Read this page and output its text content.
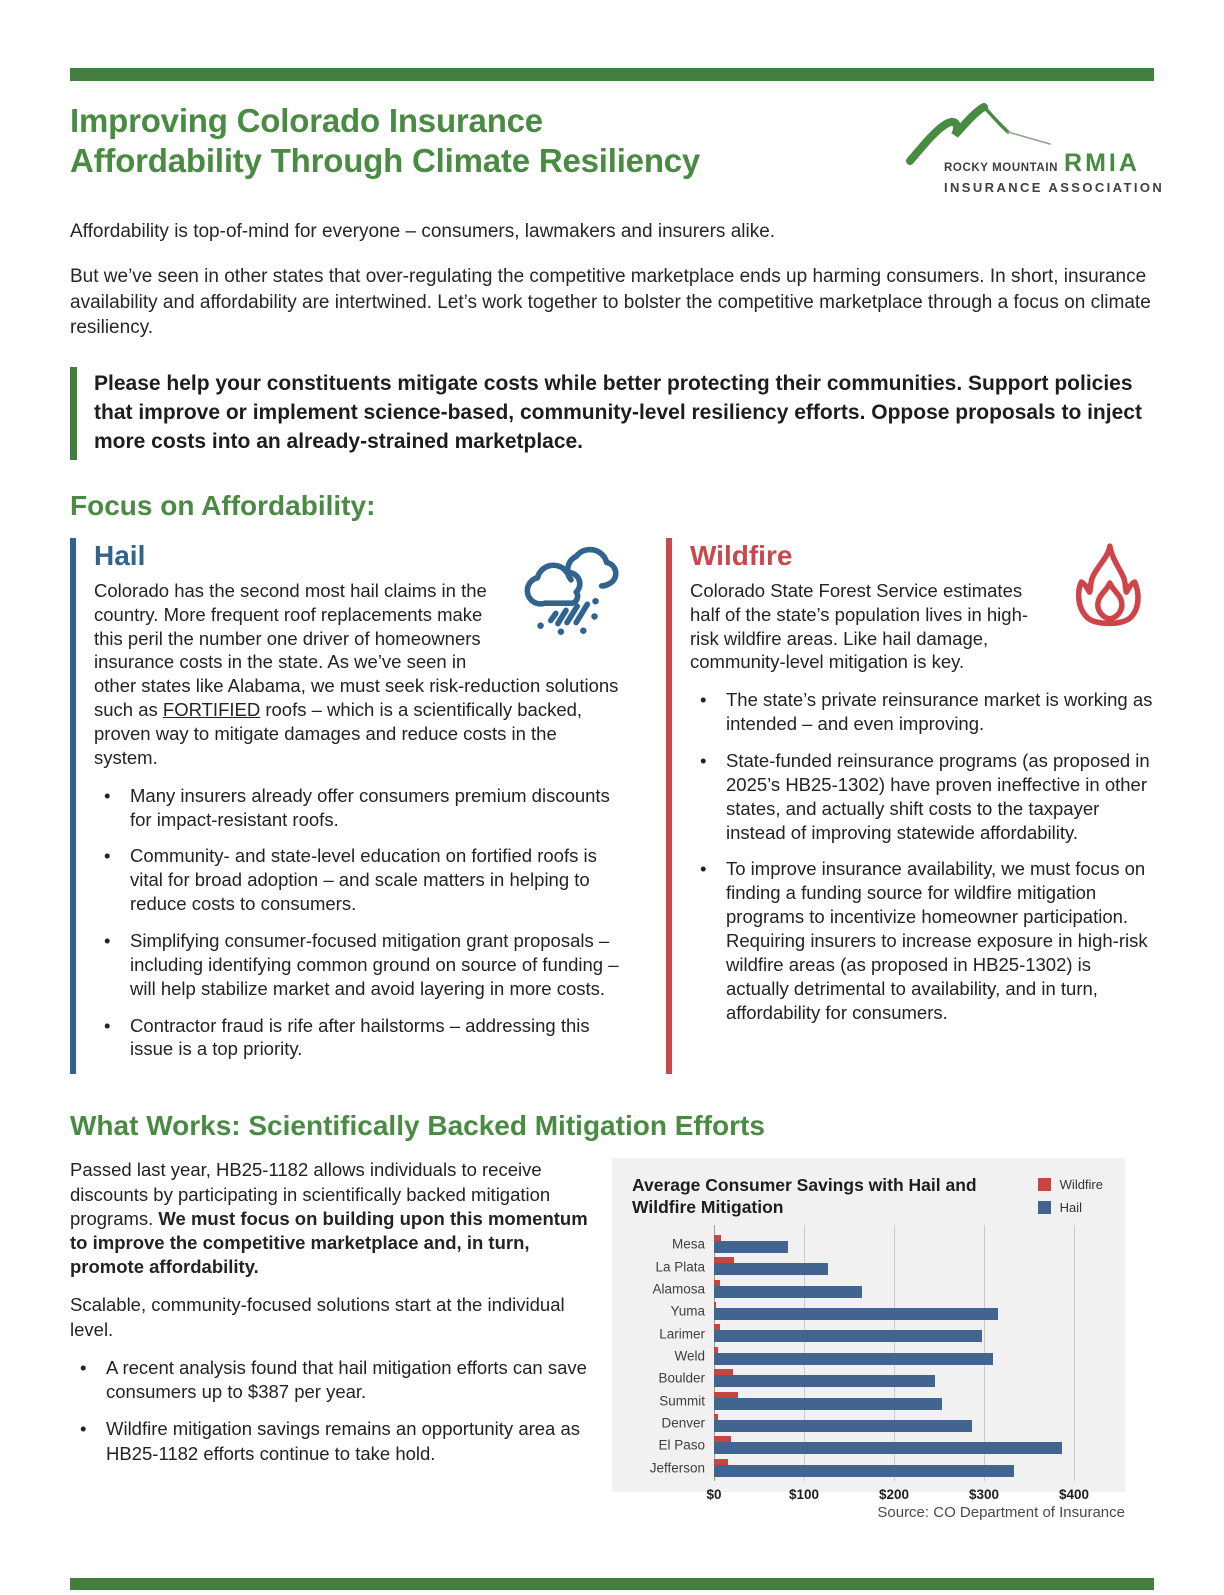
Improving Colorado Insurance
Affordability Through Climate Resiliency	ROCKY MOUNTAIN RMIA
INSURANCE ASSOCIATION

Affordability is top-of-mind for everyone – consumers, lawmakers and insurers alike.

But we’ve seen in other states that over-regulating the competitive marketplace ends up harming consumers. In short, insurance availability and affordability are intertwined. Let’s work together to bolster the competitive marketplace through a focus on climate resiliency.

Please help your constituents mitigate costs while better protecting their communities. Support policies that improve or implement science-based, community-level resiliency efforts. Oppose proposals to inject more costs into an already-strained marketplace.
Focus on Affordability:
Hail

Colorado has the second most hail claims in the country. More frequent roof replacements make this peril the number one driver of homeowners insurance costs in the state. As we’ve seen in other states like Alabama, we must seek risk-reduction solutions such as FORTIFIED roofs – which is a scientifically backed, proven way to mitigate damages and reduce costs in the system.

• Many insurers already offer consumers premium discounts for impact-resistant roofs.
• Community- and state-level education on fortified roofs is vital for broad adoption – and scale matters in helping to reduce costs to consumers.
• Simplifying consumer-focused mitigation grant proposals – including identifying common ground on source of funding – will help stabilize market and avoid layering in more costs.
• Contractor fraud is rife after hailstorms – addressing this issue is a top priority.
Wildfire

Colorado State Forest Service estimates half of the state’s population lives in high-risk wildfire areas. Like hail damage, community-level mitigation is key.

• The state’s private reinsurance market is working as intended – and even improving.
• State-funded reinsurance programs (as proposed in 2025’s HB25-1302) have proven ineffective in other states, and actually shift costs to the taxpayer instead of improving statewide affordability.
• To improve insurance availability, we must focus on finding a funding source for wildfire mitigation programs to incentivize homeowner participation. Requiring insurers to increase exposure in high-risk wildfire areas (as proposed in HB25-1302) is actually detrimental to availability, and in turn, affordability for consumers.
What Works: Scientifically Backed Mitigation Efforts

Passed last year, HB25-1182 allows individuals to receive discounts by participating in scientifically backed mitigation programs. We must focus on building upon this momentum to improve the competitive marketplace and, in turn, promote affordability.

Scalable, community-focused solutions start at the individual level.

• A recent analysis found that hail mitigation efforts can save consumers up to $387 per year.
• Wildfire mitigation savings remains an opportunity area as HB25-1182 efforts continue to take hold.
Average Consumer Savings with Hail and Wildfire Mitigation
Wildfire
Hail
Mesa
La Plata
Alamosa
Yuma
Larimer
Weld
Boulder
Summit
Denver
El Paso
Jefferson
$0	$100	$200	$300	$400
Source: CO Department of Insurance
